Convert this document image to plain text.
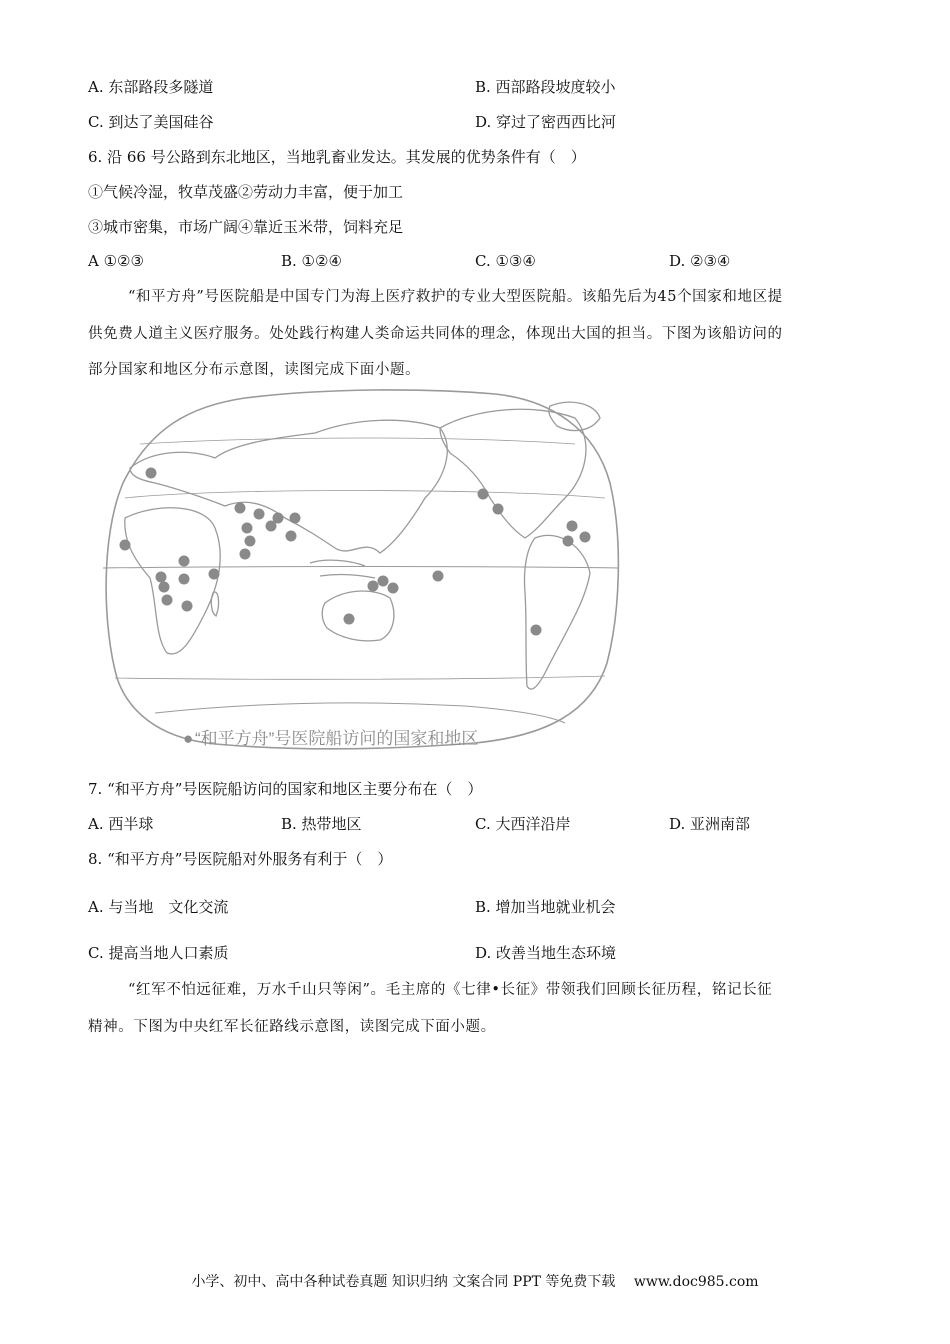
A. 东部路段多隧道	B. 西部路段坡度较小
C. 到达了美国硅谷	D. 穿过了密西西比河
6. 沿 66 号公路到东北地区，当地乳畜业发达。其发展的优势条件有（　）
①气候冷湿，牧草茂盛②劳动力丰富，便于加工
③城市密集，市场广阔④靠近玉米带，饲料充足
A ①②③	B. ①②④	C. ①③④	D. ②③④
“和平方舟”号医院船是中国专门为海上医疗救护的专业大型医院船。该船先后为45个国家和地区提
供免费人道主义医疗服务。处处践行构建人类命运共同体的理念，体现出大国的担当。下图为该船访问的
部分国家和地区分布示意图，读图完成下面小题。
● “和平方舟”号医院船访问的国家和地区
7. “和平方舟”号医院船访问的国家和地区主要分布在（　）
A. 西半球	B. 热带地区	C. 大西洋沿岸	D. 亚洲南部
8. “和平方舟”号医院船对外服务有利于（　）
A. 与当地　文化交流	B. 增加当地就业机会
C. 提高当地人口素质	D. 改善当地生态环境
“红军不怕远征难，万水千山只等闲”。毛主席的《七律•长征》带领我们回顾长征历程，铭记长征
精神。下图为中央红军长征路线示意图，读图完成下面小题。
小学、初中、高中各种试卷真题 知识归纳 文案合同 PPT 等免费下载　 www.doc985.com
